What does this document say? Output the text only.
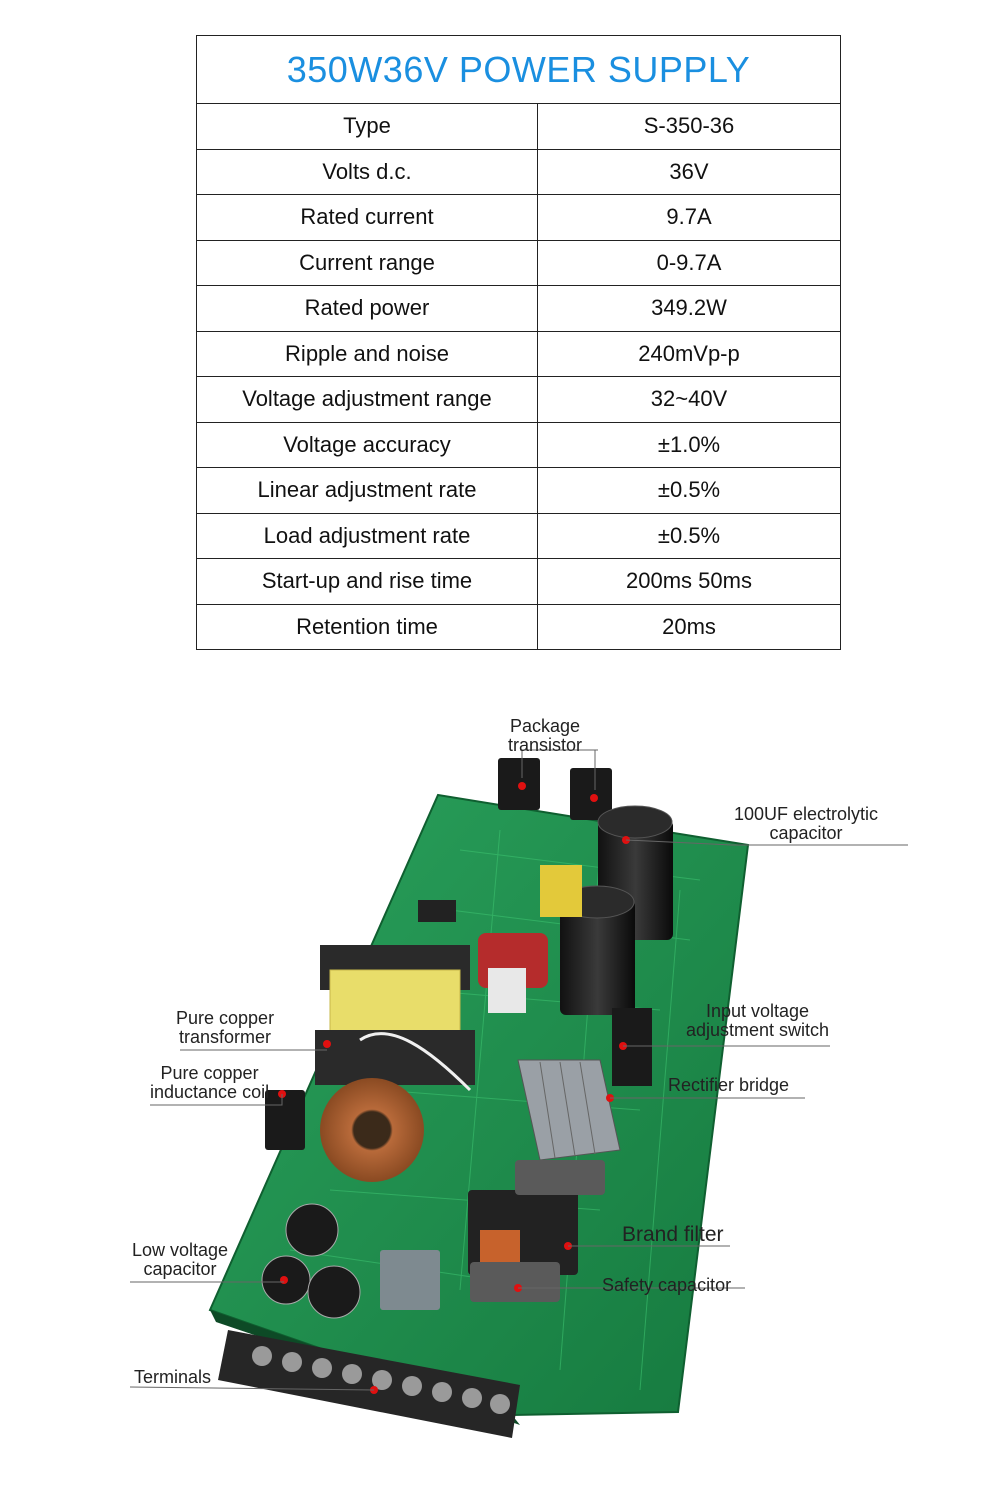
350W36V POWER SUPPLY	
Type	S-350-36
Volts d.c.	36V
Rated current	9.7A
Current range	0-9.7A
Rated power	349.2W
Ripple and noise	240mVp-p
Voltage adjustment range	32~40V
Voltage accuracy	±1.0%
Linear adjustment rate	±0.5%
Load adjustment rate	±0.5%
Start-up and rise time	200ms 50ms
Retention time	20ms
Package
transistor
100UF electrolytic
capacitor
Pure copper
transformer
Pure copper
inductance coil
Input voltage
adjustment switch
Rectifier bridge
Brand filter
Low voltage
capacitor
Safety capacitor
Terminals
